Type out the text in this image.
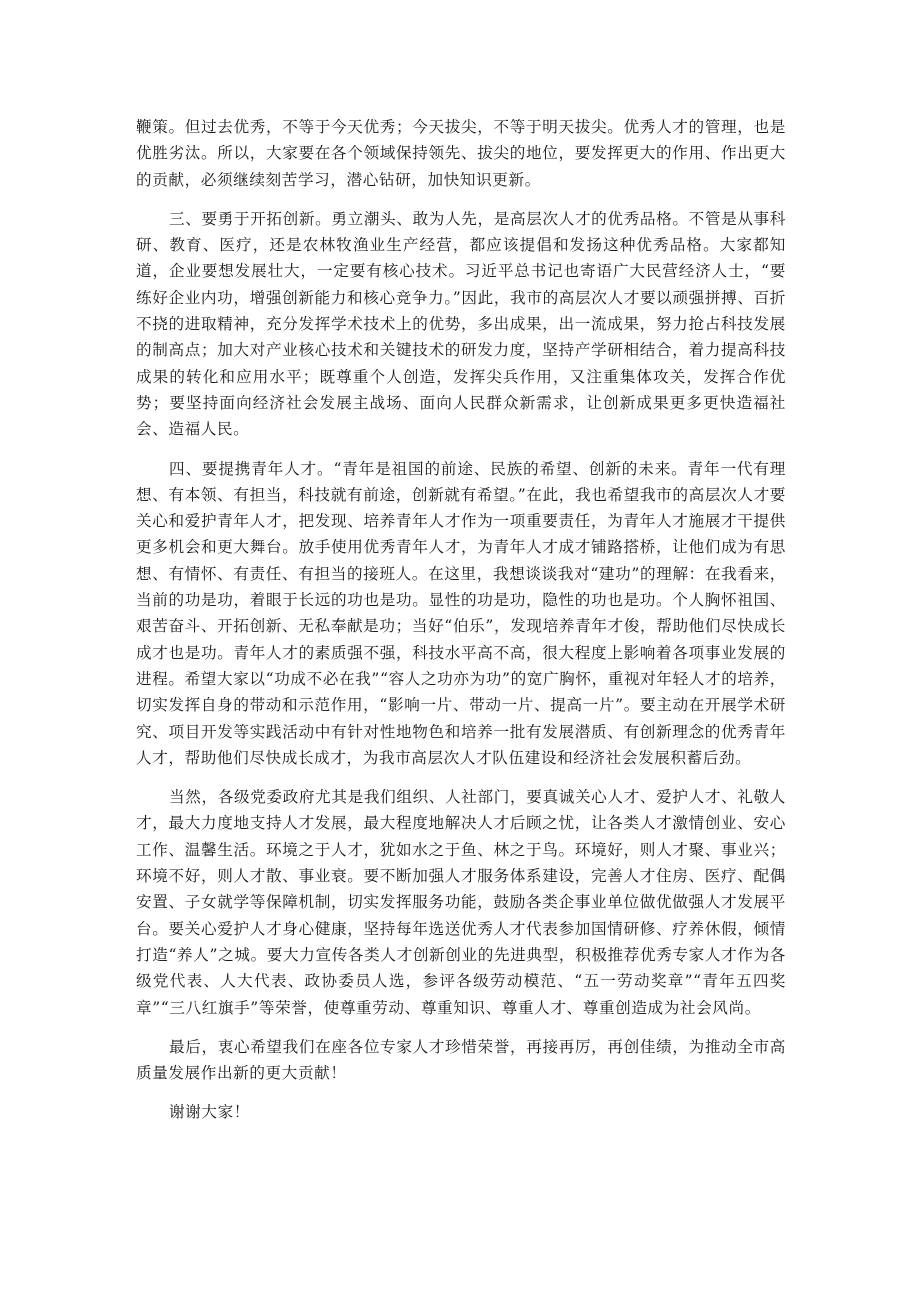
鞭策。但过去优秀，不等于今天优秀；今天拔尖，不等于明天拔尖。优秀人才的管理，也是优胜劣汰。所以，大家要在各个领域保持领先、拔尖的地位，要发挥更大的作用、作出更大的贡献，必须继续刻苦学习，潜心钻研，加快知识更新。

三、要勇于开拓创新。勇立潮头、敢为人先，是高层次人才的优秀品格。不管是从事科研、教育、医疗，还是农林牧渔业生产经营，都应该提倡和发扬这种优秀品格。大家都知道，企业要想发展壮大，一定要有核心技术。习近平总书记也寄语广大民营经济人士，“要练好企业内功，增强创新能力和核心竞争力。”因此，我市的高层次人才要以顽强拼搏、百折不挠的进取精神，充分发挥学术技术上的优势，多出成果，出一流成果，努力抢占科技发展的制高点；加大对产业核心技术和关键技术的研发力度，坚持产学研相结合，着力提高科技成果的转化和应用水平；既尊重个人创造，发挥尖兵作用，又注重集体攻关，发挥合作优势；要坚持面向经济社会发展主战场、面向人民群众新需求，让创新成果更多更快造福社会、造福人民。

四、要提携青年人才。“青年是祖国的前途、民族的希望、创新的未来。青年一代有理想、有本领、有担当，科技就有前途，创新就有希望。”在此，我也希望我市的高层次人才要关心和爱护青年人才，把发现、培养青年人才作为一项重要责任，为青年人才施展才干提供更多机会和更大舞台。放手使用优秀青年人才，为青年人才成才铺路搭桥，让他们成为有思想、有情怀、有责任、有担当的接班人。在这里，我想谈谈我对“建功”的理解：在我看来，当前的功是功，着眼于长远的功也是功。显性的功是功，隐性的功也是功。个人胸怀祖国、艰苦奋斗、开拓创新、无私奉献是功；当好“伯乐”，发现培养青年才俊，帮助他们尽快成长成才也是功。青年人才的素质强不强，科技水平高不高，很大程度上影响着各项事业发展的进程。希望大家以“功成不必在我”“容人之功亦为功”的宽广胸怀，重视对年轻人才的培养，切实发挥自身的带动和示范作用，“影响一片、带动一片、提高一片”。要主动在开展学术研究、项目开发等实践活动中有针对性地物色和培养一批有发展潜质、有创新理念的优秀青年人才，帮助他们尽快成长成才，为我市高层次人才队伍建设和经济社会发展积蓄后劲。

当然，各级党委政府尤其是我们组织、人社部门，要真诚关心人才、爱护人才、礼敬人才，最大力度地支持人才发展，最大程度地解决人才后顾之忧，让各类人才激情创业、安心工作、温馨生活。环境之于人才，犹如水之于鱼、林之于鸟。环境好，则人才聚、事业兴；环境不好，则人才散、事业衰。要不断加强人才服务体系建设，完善人才住房、医疗、配偶安置、子女就学等保障机制，切实发挥服务功能，鼓励各类企事业单位做优做强人才发展平台。要关心爱护人才身心健康，坚持每年选送优秀人才代表参加国情研修、疗养休假，倾情打造“养人”之城。要大力宣传各类人才创新创业的先进典型，积极推荐优秀专家人才作为各级党代表、人大代表、政协委员人选，参评各级劳动模范、“五一劳动奖章”“青年五四奖章”“三八红旗手”等荣誉，使尊重劳动、尊重知识、尊重人才、尊重创造成为社会风尚。

最后，衷心希望我们在座各位专家人才珍惜荣誉，再接再厉，再创佳绩，为推动全市高质量发展作出新的更大贡献！

谢谢大家！
